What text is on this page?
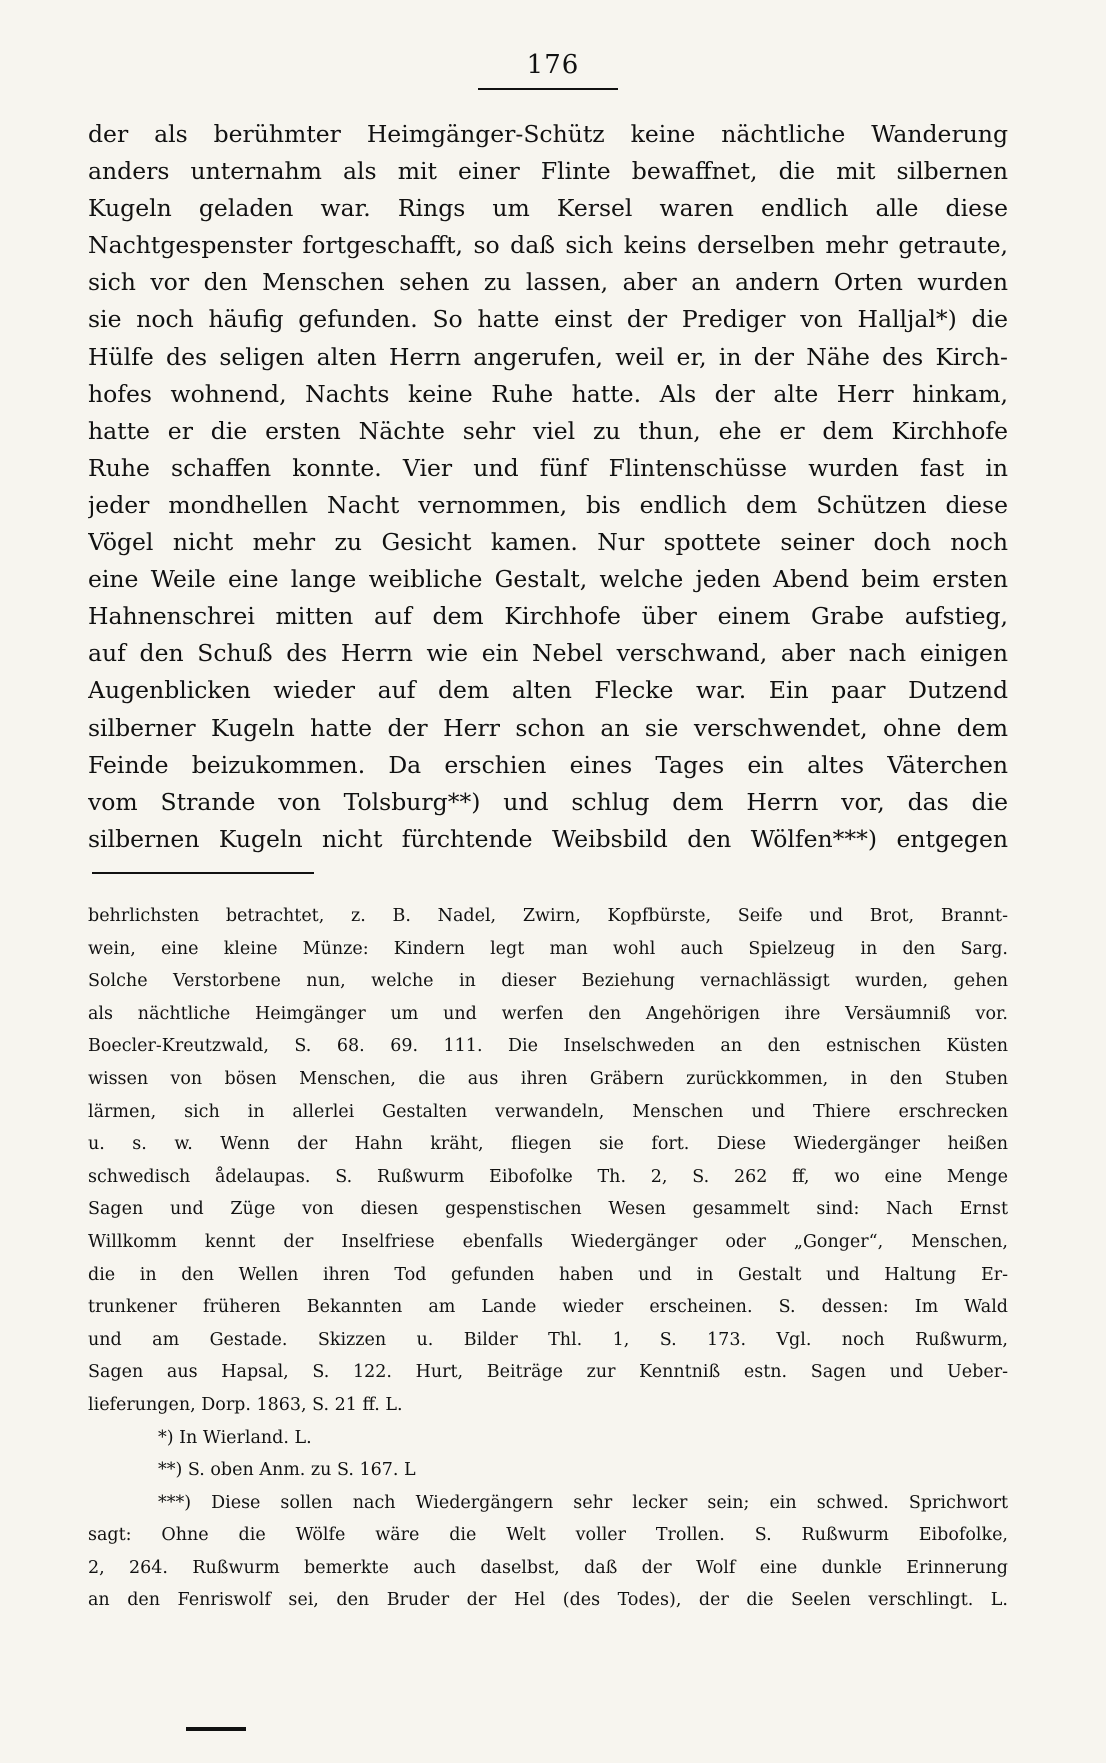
176
der als berühmter Heimgänger-Schütz keine nächtliche Wanderung
anders unternahm als mit einer Flinte bewaffnet, die mit silbernen
Kugeln geladen war. Rings um Kersel waren endlich alle diese
Nachtgespenster fortgeschafft, so daß sich keins derselben mehr getraute,
sich vor den Menschen sehen zu lassen, aber an andern Orten wurden
sie noch häufig gefunden. So hatte einst der Prediger von Halljal*) die
Hülfe des seligen alten Herrn angerufen, weil er, in der Nähe des Kirch-
hofes wohnend, Nachts keine Ruhe hatte. Als der alte Herr hinkam,
hatte er die ersten Nächte sehr viel zu thun, ehe er dem Kirchhofe
Ruhe schaffen konnte. Vier und fünf Flintenschüsse wurden fast in
jeder mondhellen Nacht vernommen, bis endlich dem Schützen diese
Vögel nicht mehr zu Gesicht kamen. Nur spottete seiner doch noch
eine Weile eine lange weibliche Gestalt, welche jeden Abend beim ersten
Hahnenschrei mitten auf dem Kirchhofe über einem Grabe aufstieg,
auf den Schuß des Herrn wie ein Nebel verschwand, aber nach einigen
Augenblicken wieder auf dem alten Flecke war. Ein paar Dutzend
silberner Kugeln hatte der Herr schon an sie verschwendet, ohne dem
Feinde beizukommen. Da erschien eines Tages ein altes Väterchen
vom Strande von Tolsburg**) und schlug dem Herrn vor, das die
silbernen Kugeln nicht fürchtende Weibsbild den Wölfen***) entgegen
behrlichsten betrachtet, z. B. Nadel, Zwirn, Kopfbürste, Seife und Brot, Brannt-
wein, eine kleine Münze: Kindern legt man wohl auch Spielzeug in den Sarg.
Solche Verstorbene nun, welche in dieser Beziehung vernachlässigt wurden, gehen
als nächtliche Heimgänger um und werfen den Angehörigen ihre Versäumniß vor.
Boecler-Kreutzwald, S. 68. 69. 111. Die Inselschweden an den estnischen Küsten
wissen von bösen Menschen, die aus ihren Gräbern zurückkommen, in den Stuben
lärmen, sich in allerlei Gestalten verwandeln, Menschen und Thiere erschrecken
u. s. w. Wenn der Hahn kräht, fliegen sie fort. Diese Wiedergänger heißen
schwedisch ådelaupas. S. Rußwurm Eibofolke Th. 2, S. 262 ff, wo eine Menge
Sagen und Züge von diesen gespenstischen Wesen gesammelt sind: Nach Ernst
Willkomm kennt der Inselfriese ebenfalls Wiedergänger oder „Gonger“, Menschen,
die in den Wellen ihren Tod gefunden haben und in Gestalt und Haltung Er-
trunkener früheren Bekannten am Lande wieder erscheinen. S. dessen: Im Wald
und am Gestade. Skizzen u. Bilder Thl. 1, S. 173. Vgl. noch Rußwurm,
Sagen aus Hapsal, S. 122. Hurt, Beiträge zur Kenntniß estn. Sagen und Ueber-
lieferungen, Dorp. 1863, S. 21 ff. L.
*) In Wierland. L.
**) S. oben Anm. zu S. 167. L
***) Diese sollen nach Wiedergängern sehr lecker sein; ein schwed. Sprichwort
sagt: Ohne die Wölfe wäre die Welt voller Trollen. S. Rußwurm Eibofolke,
2, 264. Rußwurm bemerkte auch daselbst, daß der Wolf eine dunkle Erinnerung
an den Fenriswolf sei, den Bruder der Hel (des Todes), der die Seelen verschlingt. L.
